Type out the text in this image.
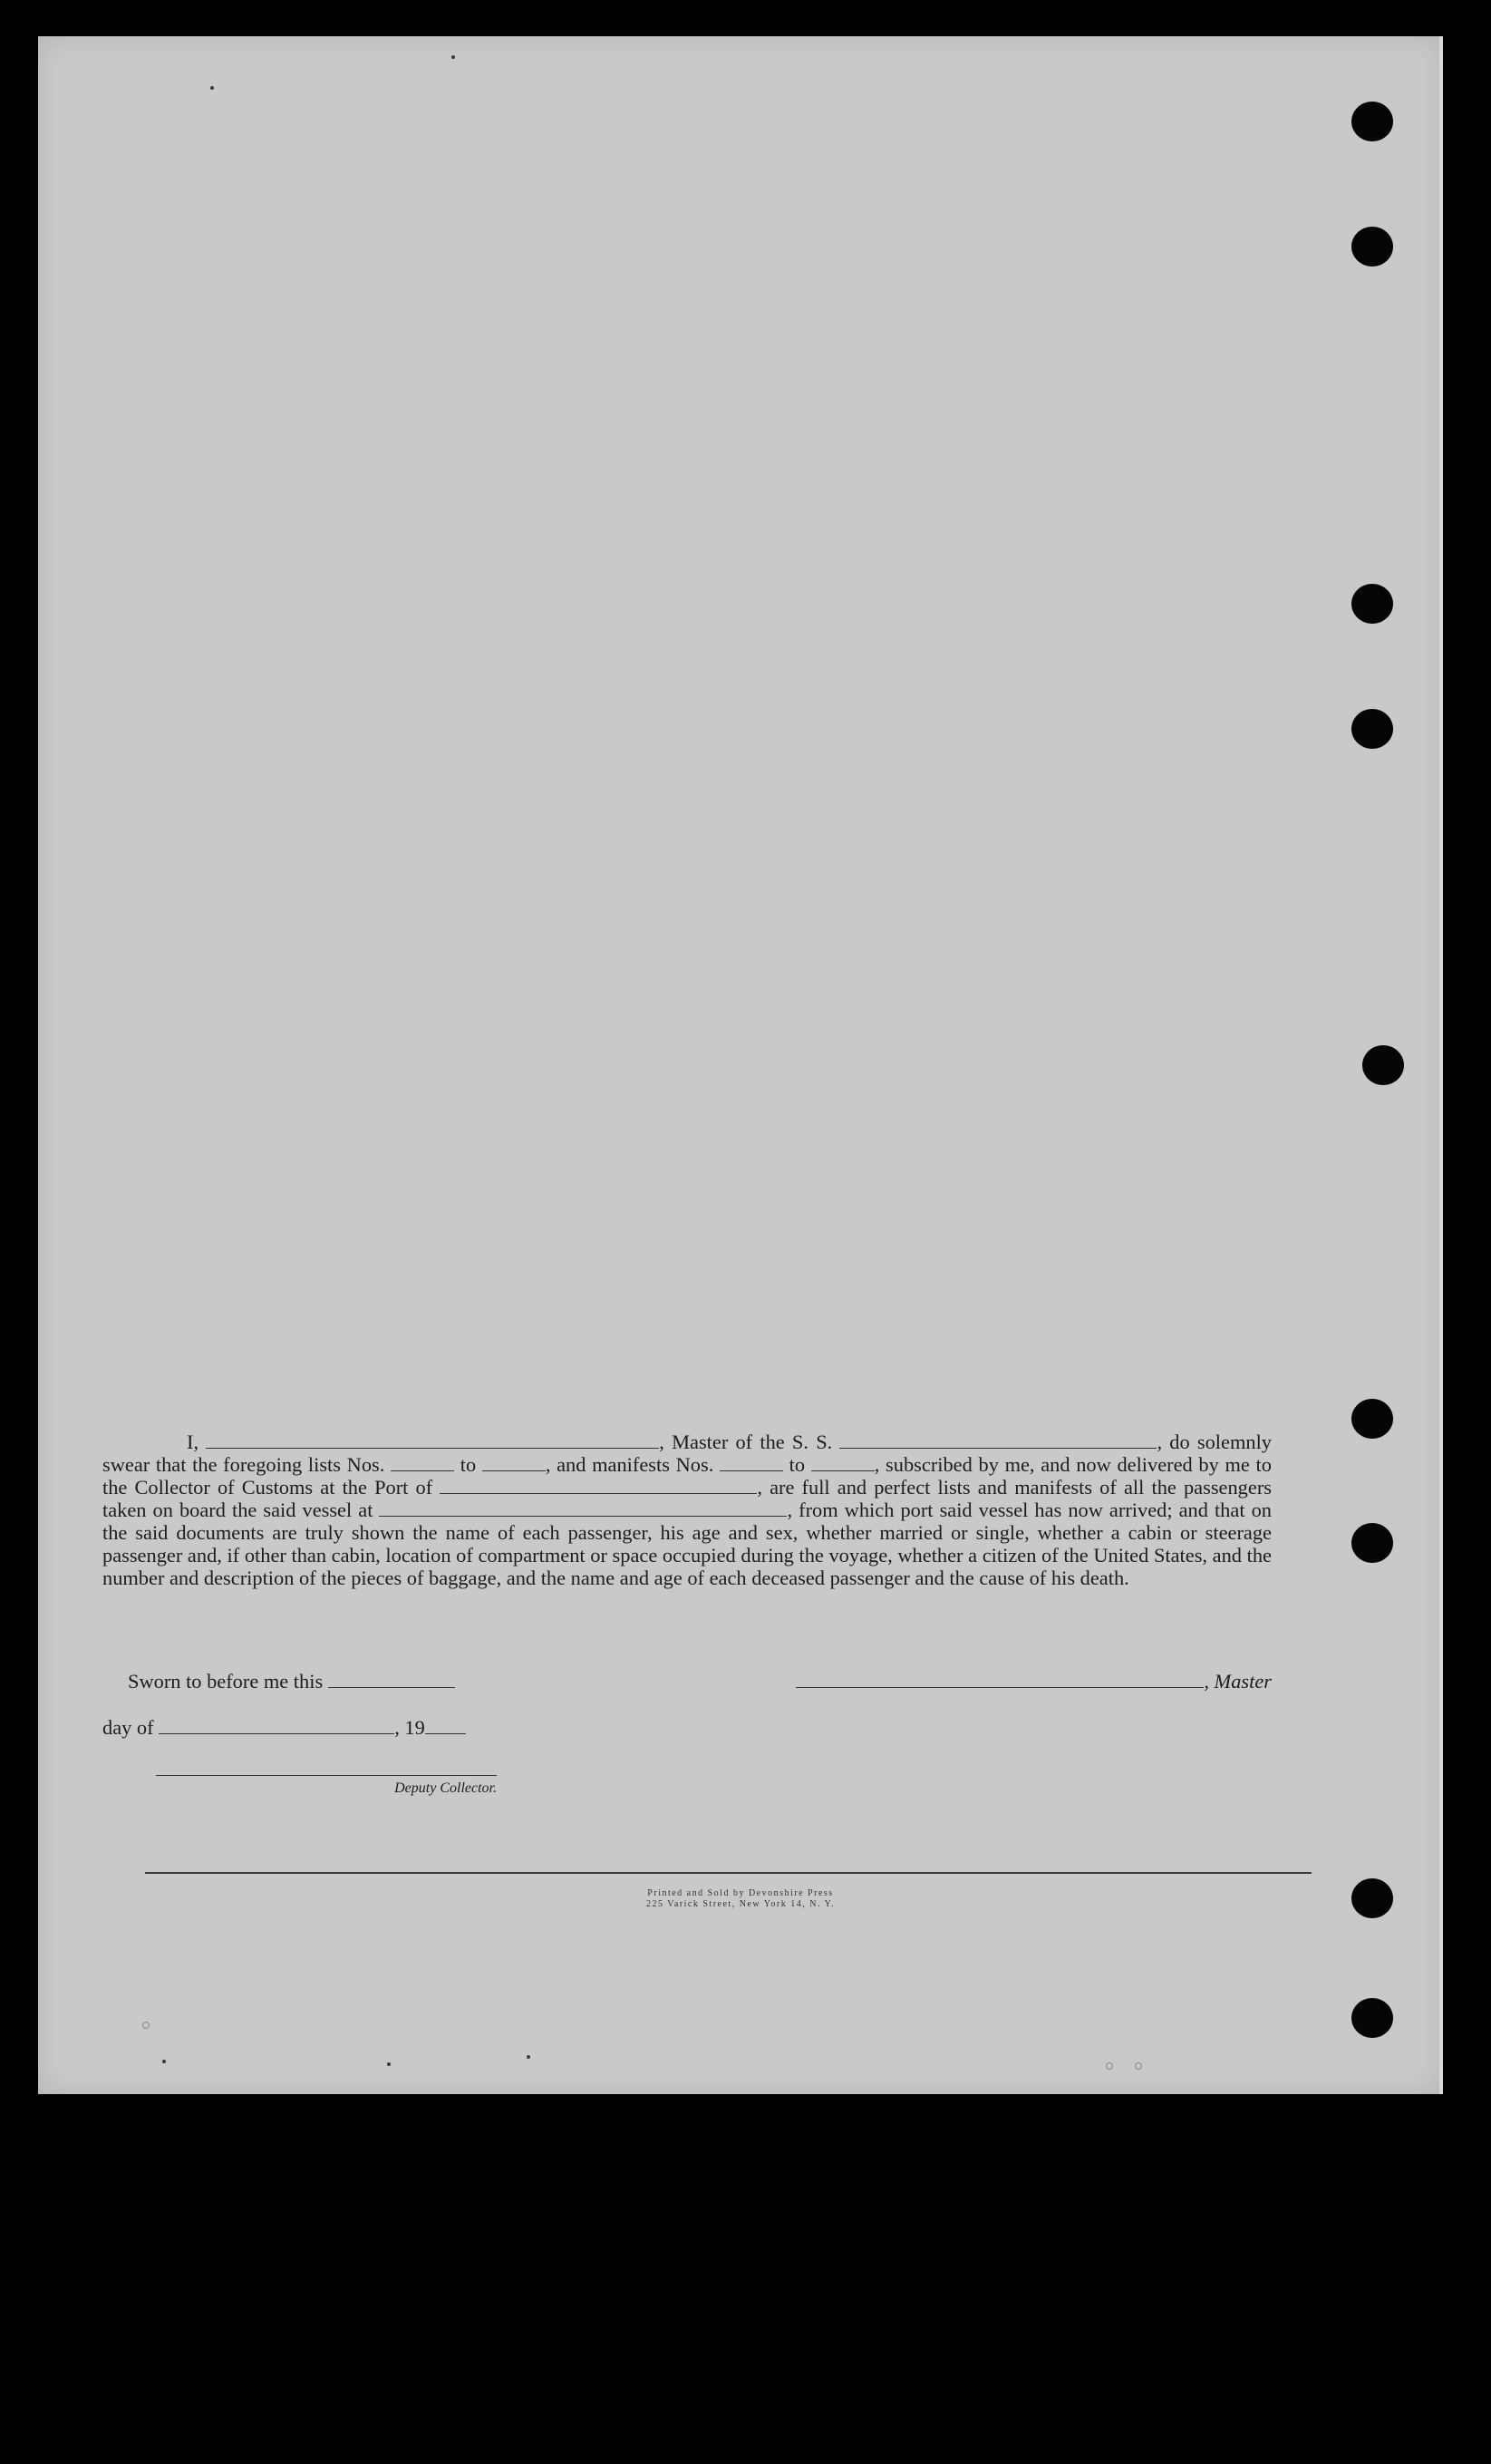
Printed and Sold by Devonshire Press
225 Varick Street, New York 14, N. Y.

I,	, Master of the S. S.	, do solemnly swear that the foregoing lists Nos.	to	, and manifests Nos.	to	, subscribed by me, and now delivered by me to the Collector of Customs at the Port of	, are full and perfect lists and manifests of all the passengers taken on board the said vessel at	, from which port said vessel has now arrived; and that on the said documents are truly shown the name of each passenger, his age and sex, whether married or single, whether a cabin or steerage passenger and, if other than cabin, location of compartment or space occupied during the voyage, whether a citizen of the United States, and the number and description of the pieces of baggage, and the name and age of each deceased passenger and the cause of his death.

Sworn to before me this	, Master
day of	, 19
Deputy Collector.
